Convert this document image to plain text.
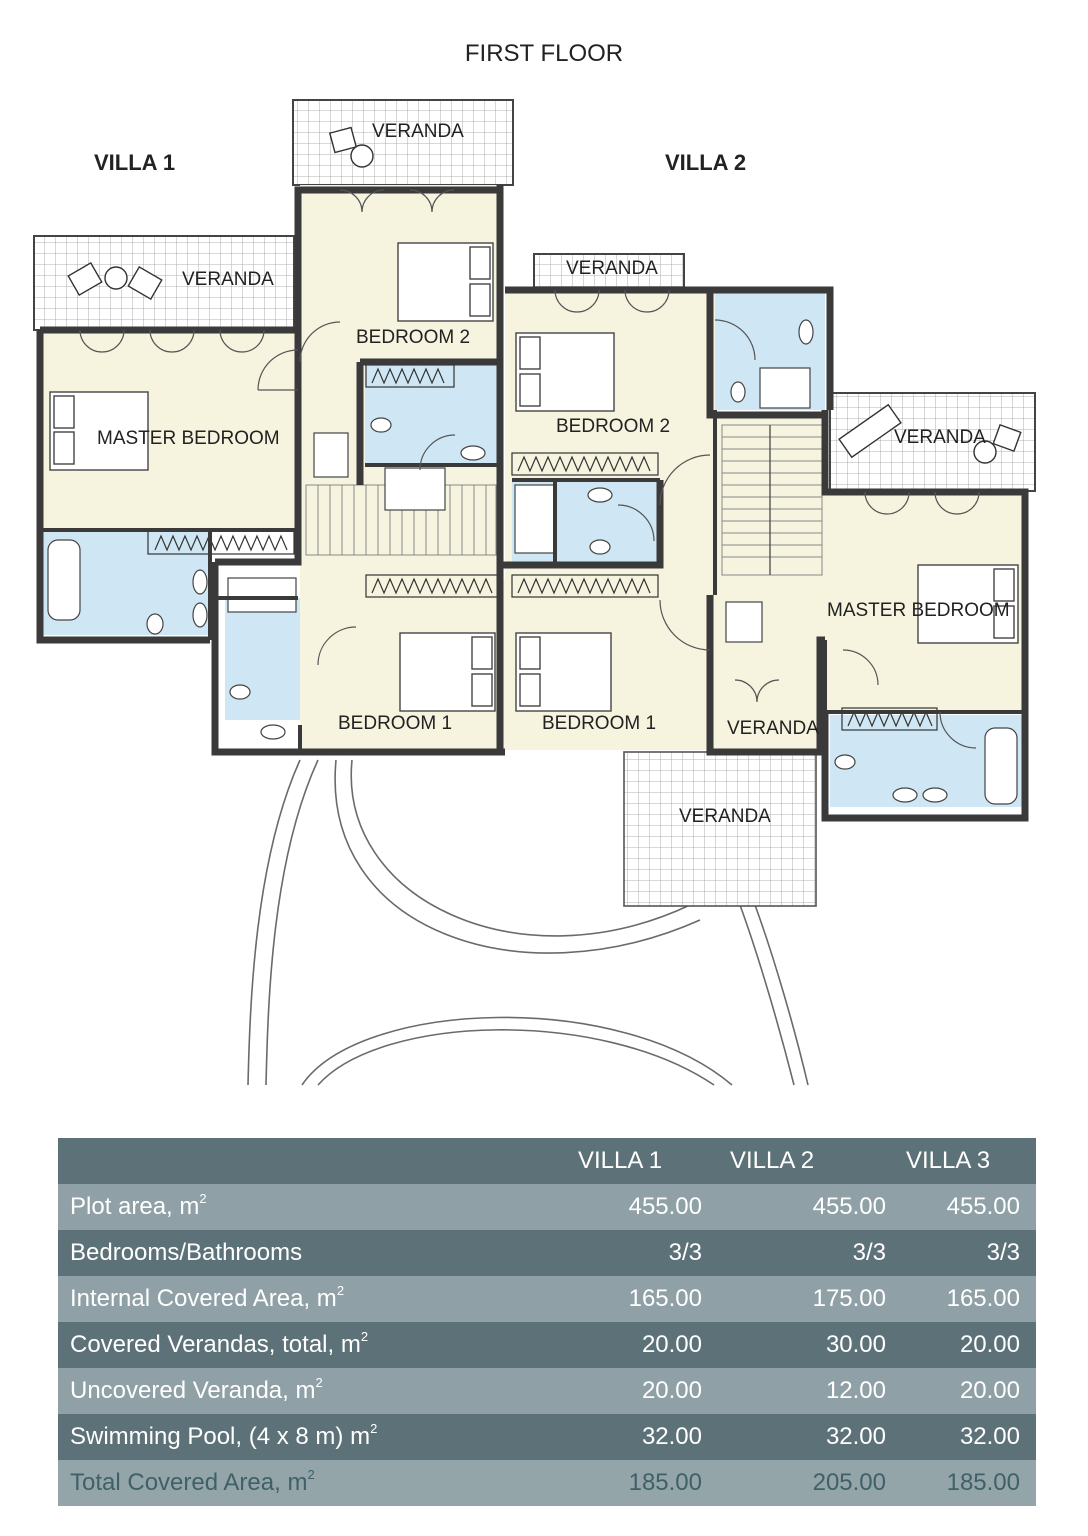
FIRST FLOOR
VILLA 1	VILLA 2
VERANDA
VERANDA
VERANDA
VERANDA
VERANDA
VERANDA
BEDROOM 2
BEDROOM 2
MASTER BEDROOM
MASTER BEDROOM
BEDROOM 1	BEDROOM 1
	VILLA 1	VILLA 2	VILLA 3
Plot area, $m^2$	455.00	455.00	455.00
Bedrooms/Bathrooms	3/3	3/3	3/3
Internal Covered Area, $m^2$	165.00	175.00	165.00
Covered Verandas, total, $m^2$	20.00	30.00	20.00
Uncovered Veranda, $m^2$	20.00	12.00	20.00
Swimming Pool, (4 x 8 m) $m^2$	32.00	32.00	32.00
Total Covered Area, $m^2$	185.00	205.00	185.00
